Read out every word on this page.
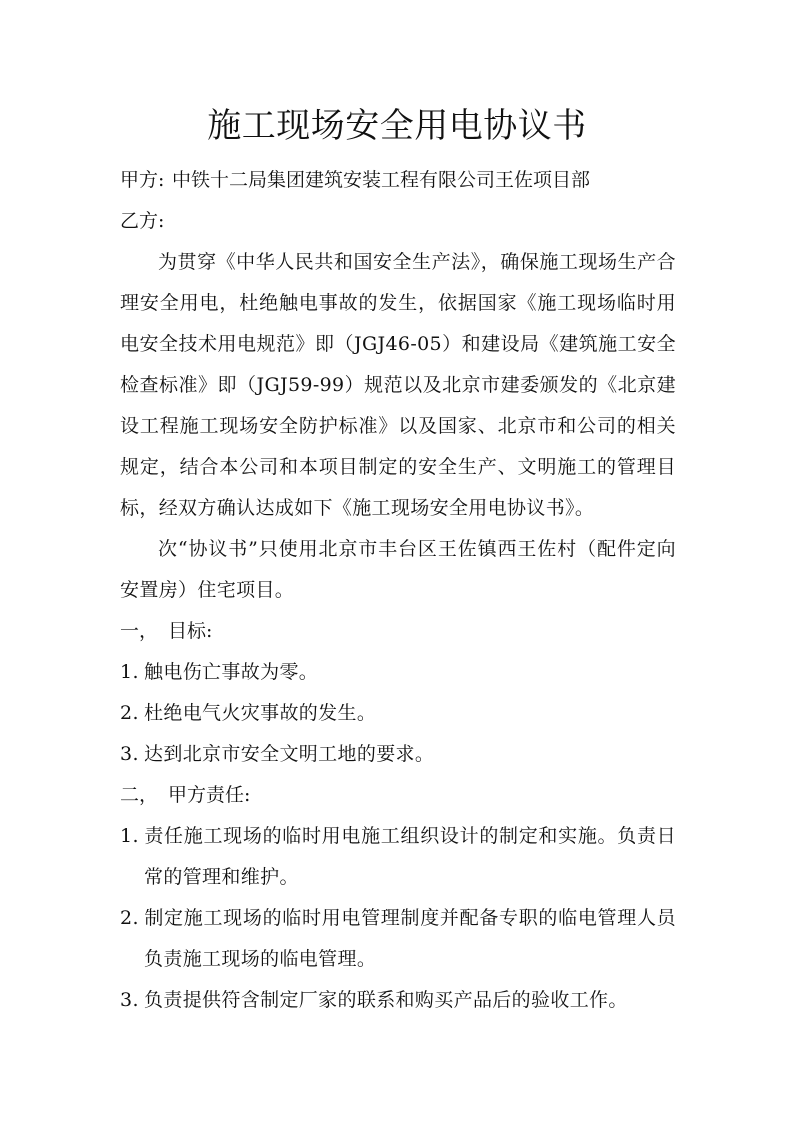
施工现场安全用电协议书

甲方: 中铁十二局集团建筑安装工程有限公司王佐项目部

乙方:

为贯穿《中华人民共和国安全生产法》，确保施工现场生产合理安全用电，杜绝触电事故的发生，依据国家《施工现场临时用电安全技术用电规范》即（JGJ46-05）和建设局《建筑施工安全检查标准》即（JGJ59-99）规范以及北京市建委颁发的《北京建设工程施工现场安全防护标准》以及国家、北京市和公司的相关规定，结合本公司和本项目制定的安全生产、文明施工的管理目标，经双方确认达成如下《施工现场安全用电协议书》。

次“协议书”只使用北京市丰台区王佐镇西王佐村（配件定向安置房）住宅项目。

一， 目标:

1. 触电伤亡事故为零。

2. 杜绝电气火灾事故的发生。

3. 达到北京市安全文明工地的要求。

二， 甲方责任:

1. 责任施工现场的临时用电施工组织设计的制定和实施。负责日常的管理和维护。

2. 制定施工现场的临时用电管理制度并配备专职的临电管理人员负责施工现场的临电管理。

3. 负责提供符含制定厂家的联系和购买产品后的验收工作。
